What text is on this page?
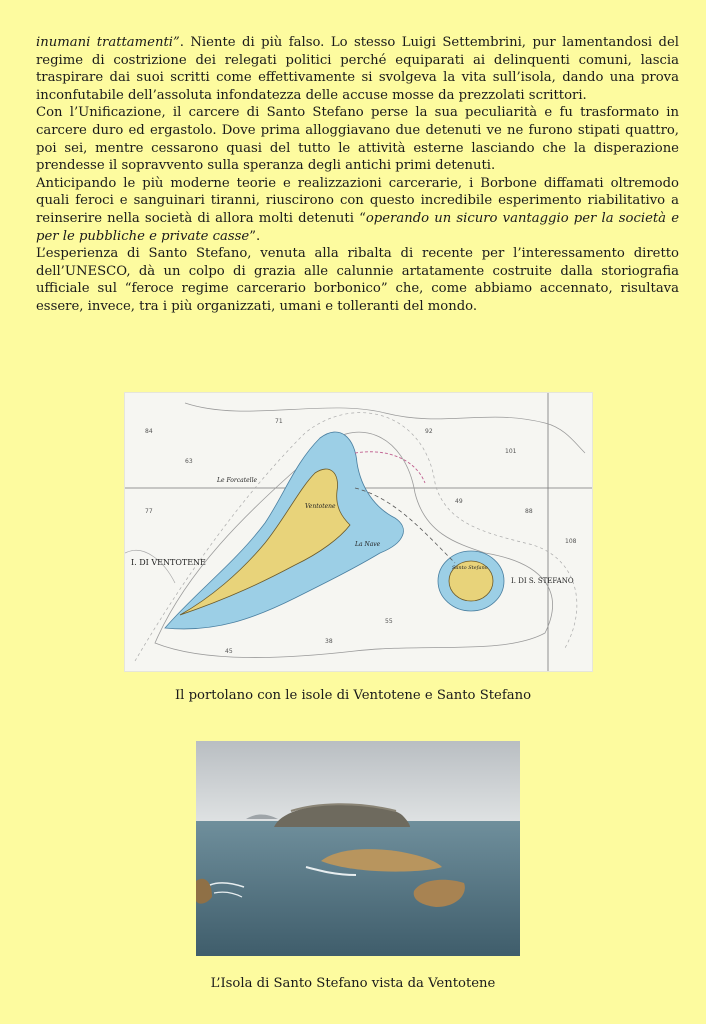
inumani trattamenti”. Niente di più falso. Lo stesso Luigi Settembrini, pur lamentandosi del regime di costrizione dei relegati politici perché equiparati ai delinquenti comuni, lascia traspirare dai suoi scritti come effettivamente si svolgeva la vita sull’isola, dando una prova inconfutabile dell’assoluta infondatezza delle accuse mosse da prezzolati scrittori.

Con l’Unificazione, il carcere di Santo Stefano perse la sua peculiarità e fu trasformato in carcere duro ed ergastolo. Dove prima alloggiavano due detenuti ve ne furono stipati quattro, poi sei, mentre cessarono quasi del tutto le attività esterne lasciando che la disperazione prendesse il sopravvento sulla speranza degli antichi primi detenuti.

Anticipando le più moderne teorie e realizzazioni carcerarie, i Borbone diffamati oltremodo quali feroci e sanguinari tiranni, riuscirono con questo incredibile esperimento riabilitativo a reinserire nella società di allora molti detenuti “operando un sicuro vantaggio per la società e per le pubbliche e private casse”.

L’esperienza di Santo Stefano, venuta alla ribalta di recente per l’interessamento diretto dell’UNESCO, dà un colpo di grazia alle calunnie artatamente costruite dalla storiografia ufficiale sul “feroce regime carcerario borbonico” che, come abbiamo accennato, risultava essere, invece, tra i più organizzati, umani e tolleranti del mondo.

84
63
92
101
88
77
45
55
108
71
49
38
I. DI VENTOTENE
I. DI S. STEFANO
Le Forcatelle
Ventotene
La Nave
Santo Stefano
Il portolano con le isole di Ventotene e Santo Stefano
L’Isola di Santo Stefano vista da Ventotene
